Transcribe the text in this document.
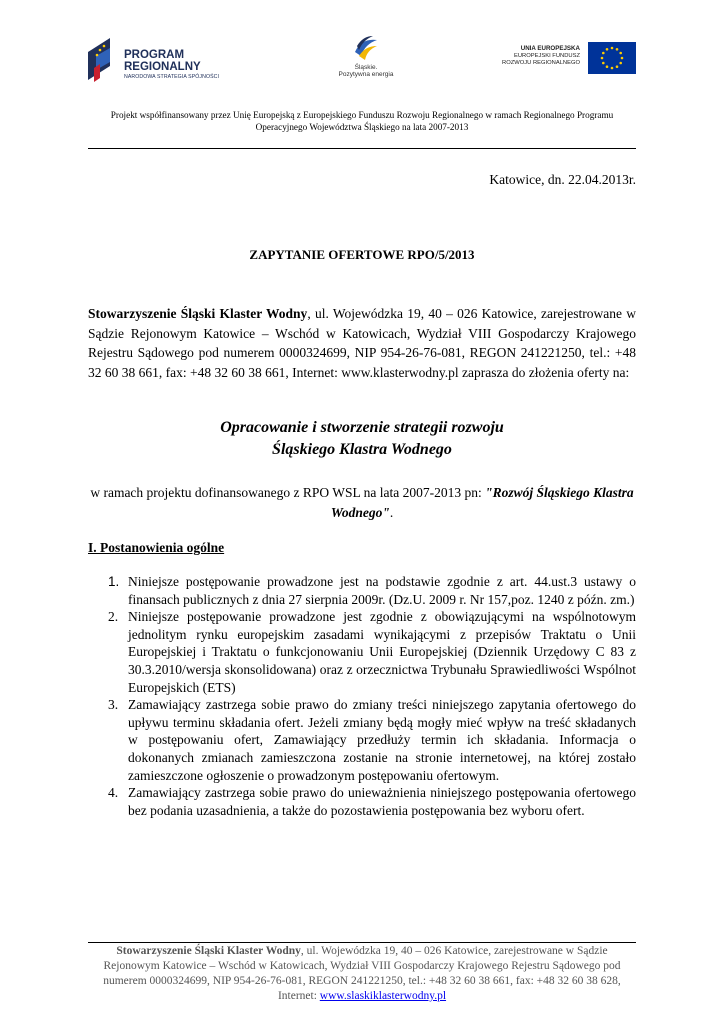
PROGRAM
REGIONALNY
NARODOWA STRATEGIA SPÓJNOŚCI
Śląskie.
Pozytywna energia
UNIA EUROPEJSKA
EUROPEJSKI FUNDUSZ
ROZWOJU REGIONALNEGO
Projekt współfinansowany przez Unię Europejską z Europejskiego Funduszu Rozwoju Regionalnego w ramach Regionalnego Programu
Operacyjnego Województwa Śląskiego na lata 2007-2013
Katowice, dn. 22.04.2013r.
ZAPYTANIE OFERTOWE RPO/5/2013
Stowarzyszenie Śląski Klaster Wodny, ul. Wojewódzka 19, 40 – 026 Katowice, zarejestrowane w Sądzie Rejonowym Katowice – Wschód w Katowicach, Wydział VIII Gospodarczy Krajowego Rejestru Sądowego pod numerem 0000324699, NIP 954-26-76-081, REGON 241221250, tel.: +48 32 60 38 661, fax: +48 32 60 38 661, Internet: www.klasterwodny.pl zaprasza do złożenia oferty na:
Opracowanie i stworzenie strategii rozwoju
Śląskiego Klastra Wodnego
w ramach projektu dofinansowanego z RPO WSL na lata 2007-2013 pn: "Rozwój Śląskiego Klastra Wodnego".
I. Postanowienia ogólne
1. Niniejsze postępowanie prowadzone jest na podstawie zgodnie z art. 44.ust.3 ustawy o finansach publicznych z dnia 27 sierpnia 2009r. (Dz.U. 2009 r. Nr 157,poz. 1240 z późn. zm.)
2. Niniejsze postępowanie prowadzone jest zgodnie z obowiązującymi na wspólnotowym jednolitym rynku europejskim zasadami wynikającymi z przepisów Traktatu o Unii Europejskiej i Traktatu o funkcjonowaniu Unii Europejskiej (Dziennik Urzędowy C 83 z 30.3.2010/wersja skonsolidowana) oraz z orzecznictwa Trybunału Sprawiedliwości Wspólnot Europejskich (ETS)
3. Zamawiający zastrzega sobie prawo do zmiany treści niniejszego zapytania ofertowego do upływu terminu składania ofert. Jeżeli zmiany będą mogły mieć wpływ na treść składanych w postępowaniu ofert, Zamawiający przedłuży termin ich składania. Informacja o dokonanych zmianach zamieszczona zostanie na stronie internetowej, na której zostało zamieszczone ogłoszenie o prowadzonym postępowaniu ofertowym.
4. Zamawiający zastrzega sobie prawo do unieważnienia niniejszego postępowania ofertowego bez podania uzasadnienia, a także do pozostawienia postępowania bez wyboru ofert.
Stowarzyszenie Śląski Klaster Wodny, ul. Wojewódzka 19, 40 – 026 Katowice, zarejestrowane w Sądzie Rejonowym Katowice – Wschód w Katowicach, Wydział VIII Gospodarczy Krajowego Rejestru Sądowego pod numerem 0000324699, NIP 954-26-76-081, REGON 241221250, tel.: +48 32 60 38 661, fax: +48 32 60 38 628, Internet: www.slaskiklasterwodny.pl
